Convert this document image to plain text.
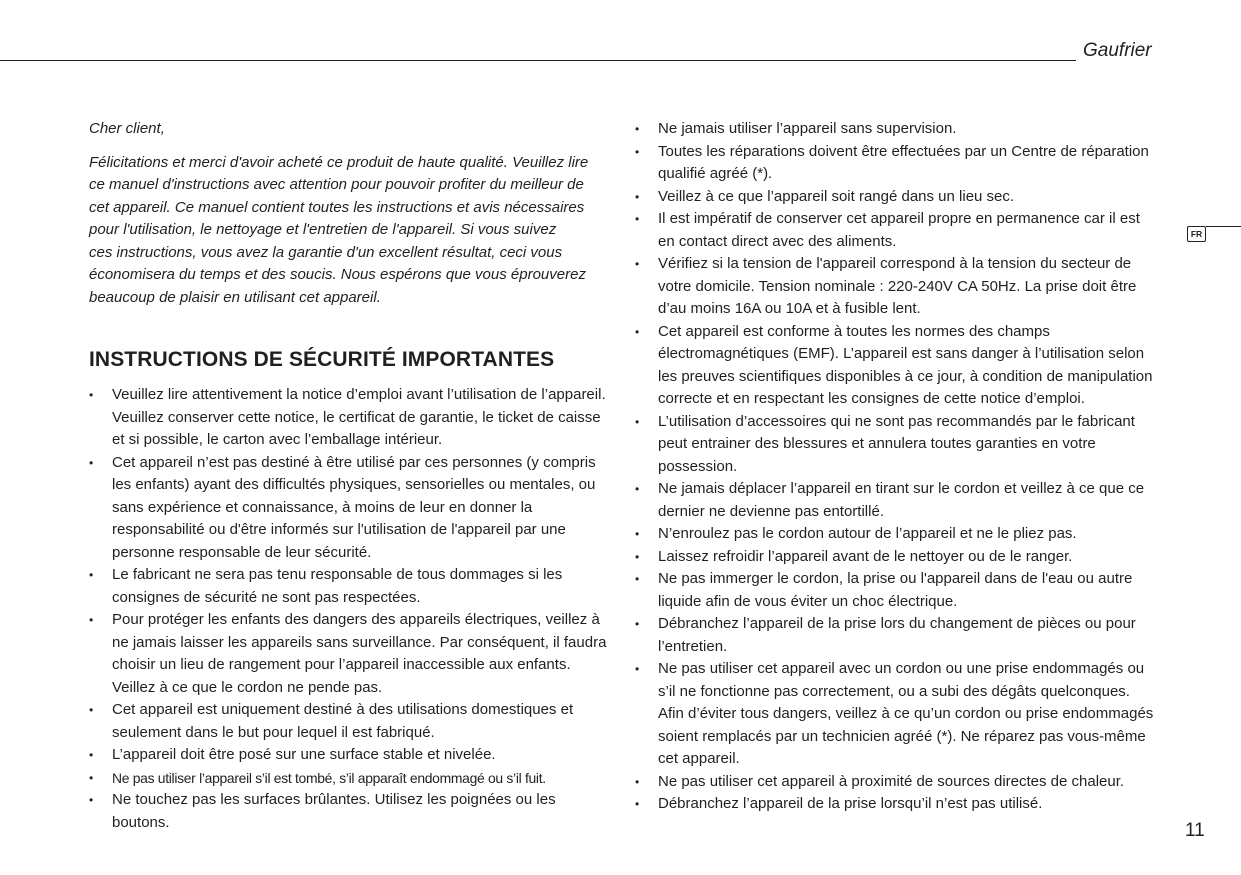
Gaufrier
FR

Cher client,

Félicitations et merci d'avoir acheté ce produit de haute qualité. Veuillez lire

ce manuel d'instructions avec attention pour pouvoir profiter du meilleur de

cet appareil. Ce manuel contient toutes les instructions et avis nécessaires

pour l'utilisation, le nettoyage et l'entretien de l'appareil. Si vous suivez

ces instructions, vous avez la garantie d'un excellent résultat, ceci vous

économisera du temps et des soucis. Nous espérons que vous éprouverez

beaucoup de plaisir en utilisant cet appareil.

INSTRUCTIONS DE SÉCURITÉ IMPORTANTES
• Veuillez lire attentivement la notice d’emploi avant l’utilisation de l’appareil. Veuillez conserver cette notice, le certificat de garantie, le ticket de caisse et si possible, le carton avec l’emballage intérieur.
• Cet appareil n’est pas destiné à être utilisé par ces personnes (y compris les enfants) ayant des difficultés physiques, sensorielles ou mentales, ou sans expérience et connaissance, à moins de leur en donner la responsabilité ou d'être informés sur l'utilisation de l'appareil par une personne responsable de leur sécurité.
• Le fabricant ne sera pas tenu responsable de tous dommages si les consignes de sécurité ne sont pas respectées.
• Pour protéger les enfants des dangers des appareils électriques, veillez à ne jamais laisser les appareils sans surveillance. Par conséquent, il faudra choisir un lieu de rangement pour l’appareil inaccessible aux enfants. Veillez à ce que le cordon ne pende pas.
• Cet appareil est uniquement destiné à des utilisations domestiques et seulement dans le but pour lequel il est fabriqué.
• L’appareil doit être posé sur une surface stable et nivelée.
• Ne pas utiliser l’appareil s’il est tombé, s’il apparaît endommagé ou s’il fuit.
• Ne touchez pas les surfaces brûlantes. Utilisez les poignées ou les boutons.
• Ne jamais utiliser l’appareil sans supervision.
• Toutes les réparations doivent être effectuées par un Centre de réparation qualifié agréé (*).
• Veillez à ce que l’appareil soit rangé dans un lieu sec.
• Il est impératif de conserver cet appareil propre en permanence car il est en contact direct avec des aliments.
• Vérifiez si la tension de l'appareil correspond à la tension du secteur de votre domicile. Tension nominale : 220-240V CA 50Hz. La prise doit être d’au moins 16A ou 10A et à fusible lent.
• Cet appareil est conforme à toutes les normes des champs électromagnétiques (EMF). L’appareil est sans danger à l’utilisation selon les preuves scientifiques disponibles à ce jour, à condition de manipulation correcte et en respectant les consignes de cette notice d’emploi.
• L’utilisation d’accessoires qui ne sont pas recommandés par le fabricant peut entrainer des blessures et annulera toutes garanties en votre possession.
• Ne jamais déplacer l’appareil en tirant sur le cordon et veillez à ce que ce dernier ne devienne pas entortillé.
• N’enroulez pas le cordon autour de l’appareil et ne le pliez pas.
• Laissez refroidir l’appareil avant de le nettoyer ou de le ranger.
• Ne pas immerger le cordon, la prise ou l'appareil dans de l'eau ou autre liquide afin de vous éviter un choc électrique.
• Débranchez l’appareil de la prise lors du changement de pièces ou pour l’entretien.
• Ne pas utiliser cet appareil avec un cordon ou une prise endommagés ou s’il ne fonctionne pas correctement, ou a subi des dégâts quelconques. Afin d’éviter tous dangers, veillez à ce qu’un cordon ou prise endommagés soient remplacés par un technicien agréé (*). Ne réparez pas vous-même cet appareil.
• Ne pas utiliser cet appareil à proximité de sources directes de chaleur.
• Débranchez l’appareil de la prise lorsqu’il n’est pas utilisé.
11
